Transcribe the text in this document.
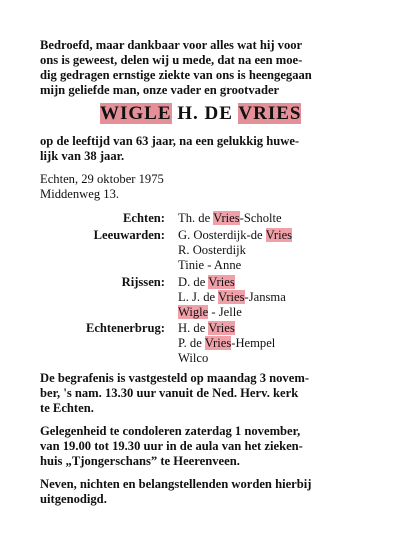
Bedroefd, maar dankbaar voor alles wat hij voor
ons is geweest, delen wij u mede, dat na een moe-
dig gedragen ernstige ziekte van ons is heengegaan
mijn geliefde man, onze vader en grootvader
WIGLE H. DE VRIES
op de leeftijd van 63 jaar, na een gelukkig huwe-
lijk van 38 jaar.
Echten, 29 oktober 1975
Middenweg 13.
Echten: Th. de Vries-Scholte
Leeuwarden: G. Oosterdijk-de Vries
R. Oosterdijk
Tinie - Anne
Rijssen: D. de Vries
L. J. de Vries-Jansma
Wigle - Jelle
Echtenerbrug: H. de Vries
P. de Vries-Hempel
Wilco
De begrafenis is vastgesteld op maandag 3 novem-
ber, 's nam. 13.30 uur vanuit de Ned. Herv. kerk
te Echten.
Gelegenheid te condoleren zaterdag 1 november,
van 19.00 tot 19.30 uur in de aula van het zieken-
huis „Tjongerschans” te Heerenveen.
Neven, nichten en belangstellenden worden hierbij
uitgenodigd.
